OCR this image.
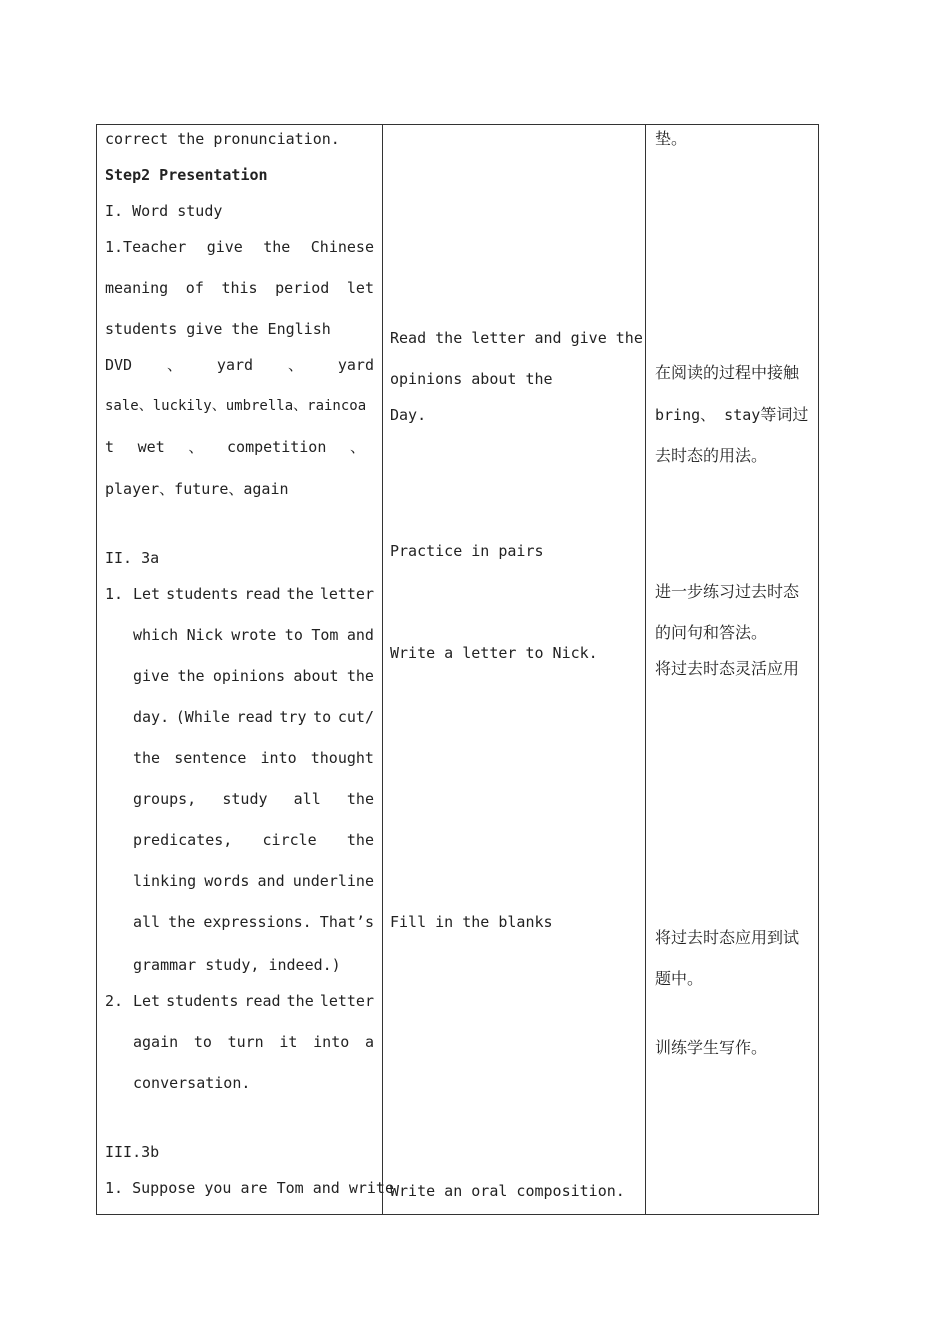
correct the pronunciation.
Step2 Presentation
I. Word study
1.Teacher give the Chinese
meaning of this period let
students give the English
DVD 、 yard 、 yard
sale、luckily、umbrella、raincoa
t wet 、 competition 、
player、future、again
II. 3a
1. Let students read the letter
which Nick wrote to Tom and
give the opinions about the
day. (While read try to cut/
the sentence into thought
groups, study all the
predicates, circle the
linking words and underline
all the expressions. That’s
grammar study, indeed.)
2. Let students read the letter
again to turn it into a
conversation.
III.3b
1. Suppose you are Tom and write
Read the letter and give the
opinions about the
Day.
Practice in pairs
Write a letter to Nick.
Fill in the blanks
Write an oral composition.
垫。
在阅读的过程中接触
bring、 stay等词过
去时态的用法。
进一步练习过去时态
的问句和答法。
将过去时态灵活应用
将过去时态应用到试
题中。
训练学生写作。
